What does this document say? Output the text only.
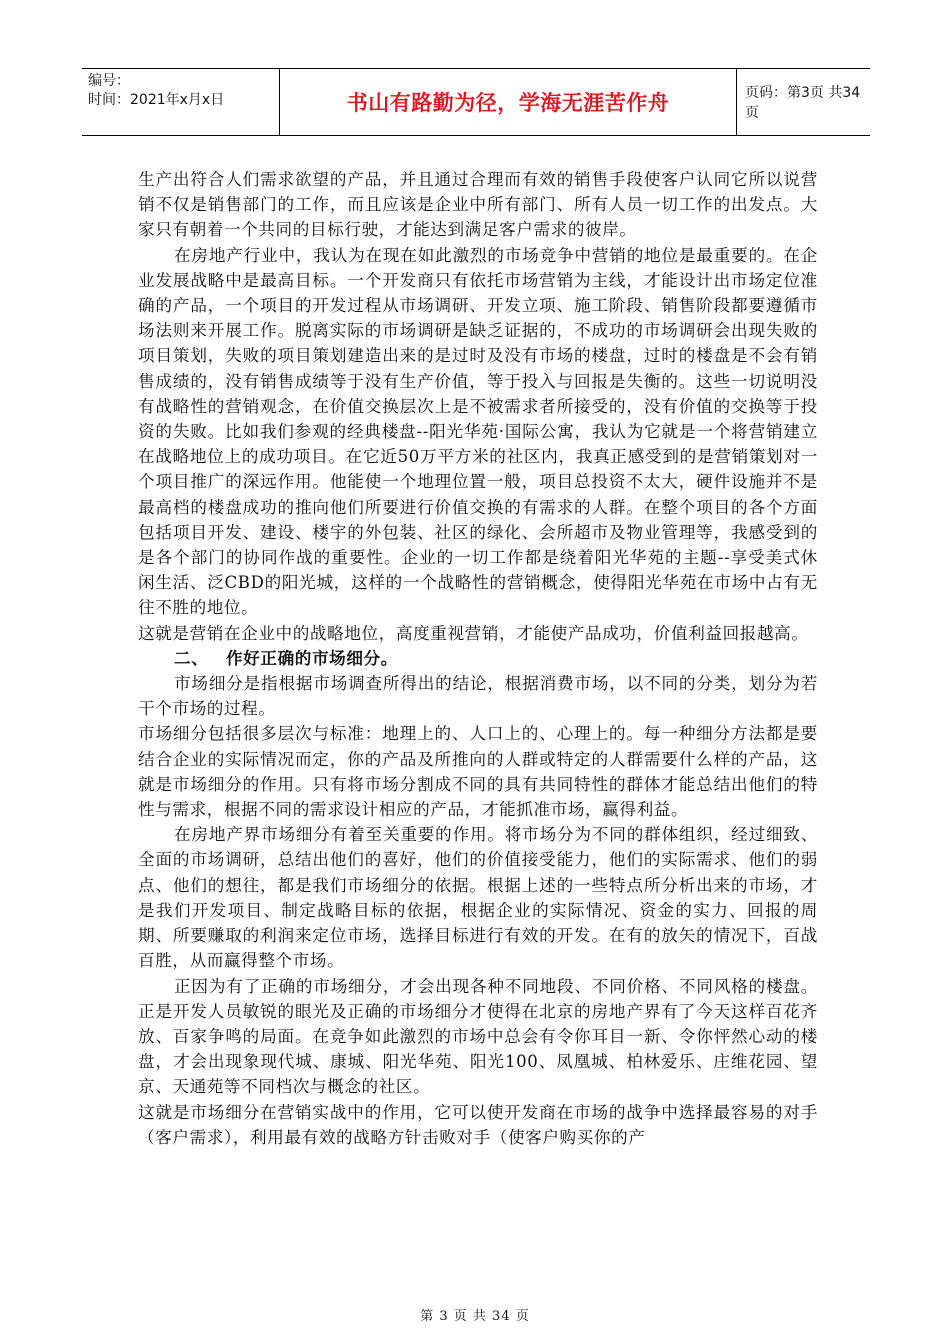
编号：
时间：2021年x月x日	书山有路勤为径，学海无涯苦作舟	页码：第3页 共34页

生产出符合人们需求欲望的产品，并且通过合理而有效的销售手段使客户认同它所以说营销不仅是销售部门的工作，而且应该是企业中所有部门、所有人员一切工作的出发点。大家只有朝着一个共同的目标行驶，才能达到满足客户需求的彼岸。

在房地产行业中，我认为在现在如此激烈的市场竞争中营销的地位是最重要的。在企业发展战略中是最高目标。一个开发商只有依托市场营销为主线，才能设计出市场定位准确的产品，一个项目的开发过程从市场调研、开发立项、施工阶段、销售阶段都要遵循市场法则来开展工作。脱离实际的市场调研是缺乏证据的，不成功的市场调研会出现失败的项目策划，失败的项目策划建造出来的是过时及没有市场的楼盘，过时的楼盘是不会有销售成绩的，没有销售成绩等于没有生产价值，等于投入与回报是失衡的。这些一切说明没有战略性的营销观念，在价值交换层次上是不被需求者所接受的，没有价值的交换等于投资的失败。比如我们参观的经典楼盘--阳光华苑·国际公寓，我认为它就是一个将营销建立在战略地位上的成功项目。在它近50万平方米的社区内，我真正感受到的是营销策划对一个项目推广的深远作用。他能使一个地理位置一般，项目总投资不太大，硬件设施并不是最高档的楼盘成功的推向他们所要进行价值交换的有需求的人群。在整个项目的各个方面包括项目开发、建设、楼宇的外包装、社区的绿化、会所超市及物业管理等，我感受到的是各个部门的协同作战的重要性。企业的一切工作都是绕着阳光华苑的主题--享受美式休闲生活、泛CBD的阳光城，这样的一个战略性的营销概念，使得阳光华苑在市场中占有无往不胜的地位。

这就是营销在企业中的战略地位，高度重视营销，才能使产品成功，价值利益回报越高。

二、 作好正确的市场细分。

市场细分是指根据市场调查所得出的结论，根据消费市场，以不同的分类，划分为若干个市场的过程。

市场细分包括很多层次与标准：地理上的、人口上的、心理上的。每一种细分方法都是要结合企业的实际情况而定，你的产品及所推向的人群或特定的人群需要什么样的产品，这就是市场细分的作用。只有将市场分割成不同的具有共同特性的群体才能总结出他们的特性与需求，根据不同的需求设计相应的产品，才能抓准市场，赢得利益。

在房地产界市场细分有着至关重要的作用。将市场分为不同的群体组织，经过细致、全面的市场调研，总结出他们的喜好，他们的价值接受能力，他们的实际需求、他们的弱点、他们的想往，都是我们市场细分的依据。根据上述的一些特点所分析出来的市场，才是我们开发项目、制定战略目标的依据，根据企业的实际情况、资金的实力、回报的周期、所要赚取的利润来定位市场，选择目标进行有效的开发。在有的放矢的情况下，百战百胜，从而赢得整个市场。

正因为有了正确的市场细分，才会出现各种不同地段、不同价格、不同风格的楼盘。正是开发人员敏锐的眼光及正确的市场细分才使得在北京的房地产界有了今天这样百花齐放、百家争鸣的局面。在竞争如此激烈的市场中总会有令你耳目一新、令你怦然心动的楼盘，才会出现象现代城、康城、阳光华苑、阳光100、凤凰城、柏林爱乐、庄维花园、望京、天通苑等不同档次与概念的社区。

这就是市场细分在营销实战中的作用，它可以使开发商在市场的战争中选择最容易的对手（客户需求），利用最有效的战略方针击败对手（使客户购买你的产

第 3 页 共 34 页
